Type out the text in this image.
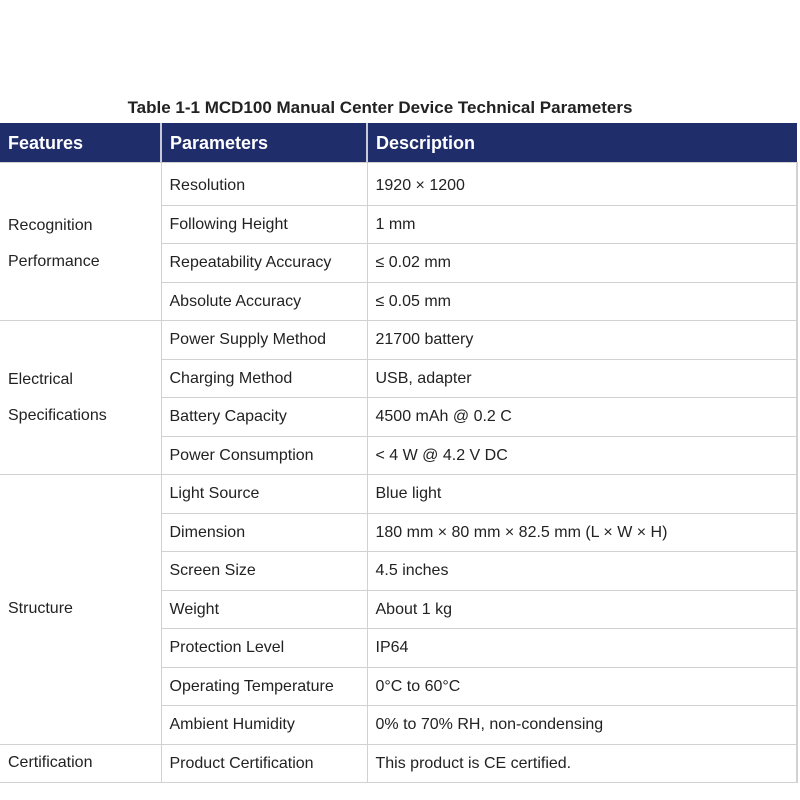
Table 1-1 MCD100 Manual Center Device Technical Parameters
Features	Parameters	Description

Recognition
Performance	Resolution	1920 × 1200
	Following Height	1 mm
	Repeatability Accuracy	≤ 0.02 mm
	Absolute Accuracy	≤ 0.05 mm

Electrical
Specifications	Power Supply Method	21700 battery
	Charging Method	USB, adapter
	Battery Capacity	4500 mAh @ 0.2 C
	Power Consumption	< 4 W @ 4.2 V DC

Structure	Light Source	Blue light
	Dimension	180 mm × 80 mm × 82.5 mm (L × W × H)
	Screen Size	4.5 inches
	Weight	About 1 kg
	Protection Level	IP64
	Operating Temperature	0°C to 60°C
	Ambient Humidity	0% to 70% RH, non-condensing

Certification	Product Certification	This product is CE certified.
